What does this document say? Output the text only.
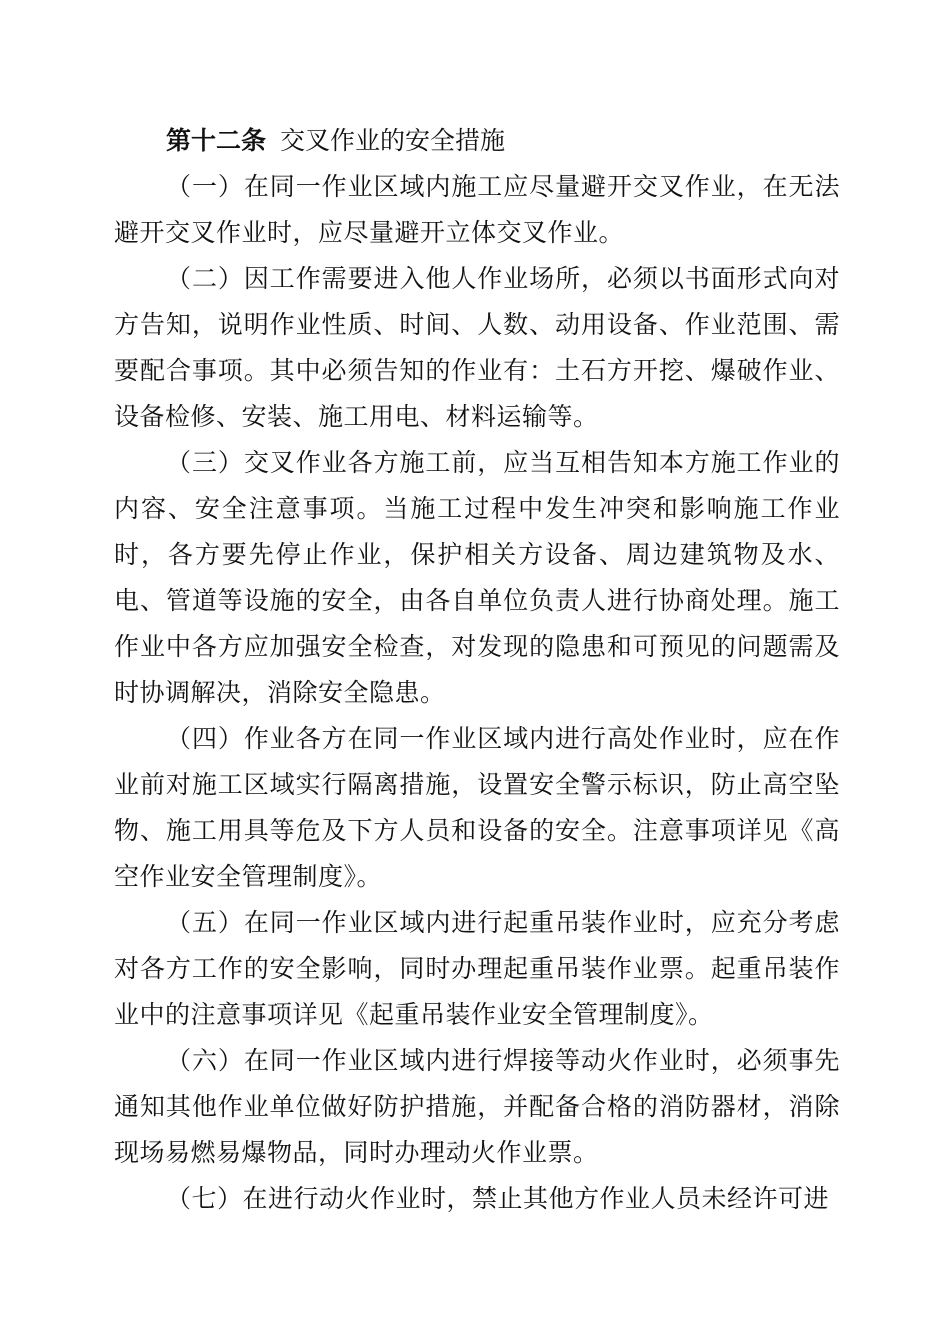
第十二条 交叉作业的安全措施

（一）在同一作业区域内施工应尽量避开交叉作业，在无法避开交叉作业时，应尽量避开立体交叉作业。

（二）因工作需要进入他人作业场所，必须以书面形式向对方告知，说明作业性质、时间、人数、动用设备、作业范围、需要配合事项。其中必须告知的作业有：土石方开挖、爆破作业、设备检修、安装、施工用电、材料运输等。

（三）交叉作业各方施工前，应当互相告知本方施工作业的内容、安全注意事项。当施工过程中发生冲突和影响施工作业时，各方要先停止作业，保护相关方设备、周边建筑物及水、电、管道等设施的安全，由各自单位负责人进行协商处理。施工作业中各方应加强安全检查，对发现的隐患和可预见的问题需及时协调解决，消除安全隐患。

（四）作业各方在同一作业区域内进行高处作业时，应在作业前对施工区域实行隔离措施，设置安全警示标识，防止高空坠物、施工用具等危及下方人员和设备的安全。注意事项详见《高空作业安全管理制度》。

（五）在同一作业区域内进行起重吊装作业时，应充分考虑对各方工作的安全影响，同时办理起重吊装作业票。起重吊装作业中的注意事项详见《起重吊装作业安全管理制度》。

（六）在同一作业区域内进行焊接等动火作业时，必须事先通知其他作业单位做好防护措施，并配备合格的消防器材，消除现场易燃易爆物品，同时办理动火作业票。

（七）在进行动火作业时，禁止其他方作业人员未经许可进
